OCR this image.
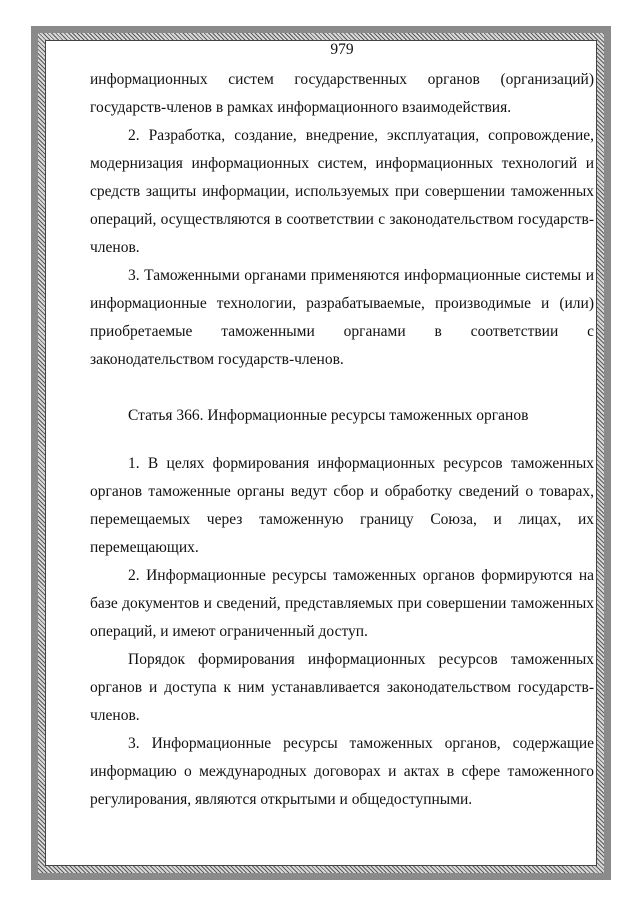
979

информационных систем государственных органов (организаций) государств-членов в рамках информационного взаимодействия.

2. Разработка, создание, внедрение, эксплуатация, сопровождение, модернизация информационных систем, информационных технологий и средств защиты информации, используемых при совершении таможенных операций, осуществляются в соответствии с законодательством государств-членов.

3. Таможенными органами применяются информационные системы и информационные технологии, разрабатываемые, производимые и (или) приобретаемые таможенными органами в соответствии с законодательством государств-членов.

Статья 366. Информационные ресурсы таможенных органов

1. В целях формирования информационных ресурсов таможенных органов таможенные органы ведут сбор и обработку сведений о товарах, перемещаемых через таможенную границу Союза, и лицах, их перемещающих.

2. Информационные ресурсы таможенных органов формируются на базе документов и сведений, представляемых при совершении таможенных операций, и имеют ограниченный доступ.

Порядок формирования информационных ресурсов таможенных органов и доступа к ним устанавливается законодательством государств-членов.

3. Информационные ресурсы таможенных органов, содержащие информацию о международных договорах и актах в сфере таможенного регулирования, являются открытыми и общедоступными.
